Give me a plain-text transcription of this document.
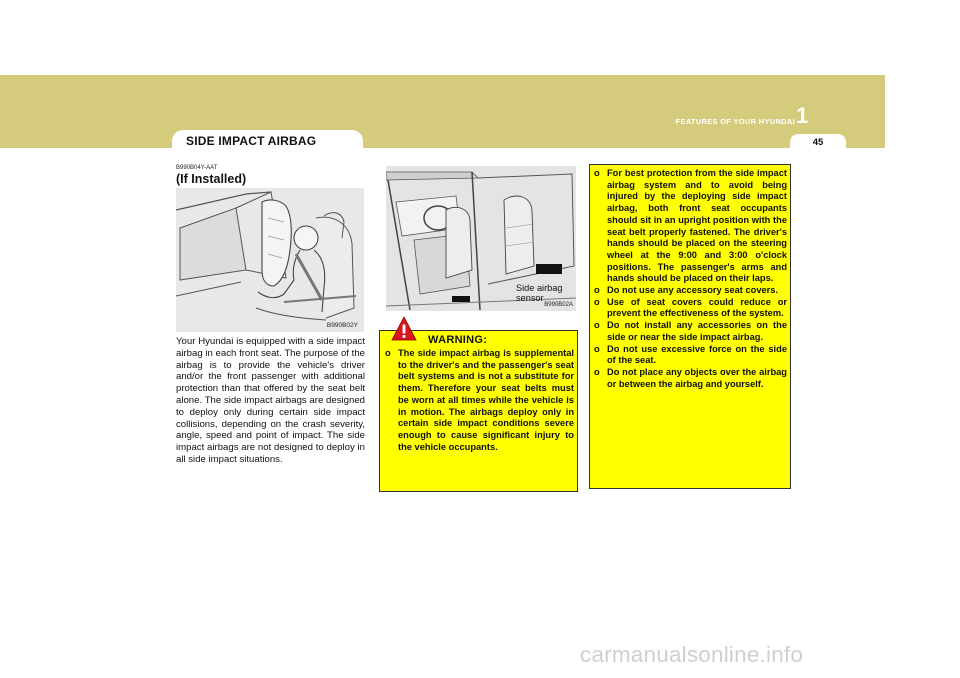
FEATURES OF YOUR HYUNDAI 1
45
SIDE IMPACT AIRBAG
B990B04Y-AAT
(If Installed)
B990B02Y
Your Hyundai is equipped with a side impact airbag in each front seat. The purpose of the airbag is to provide the vehicle's driver and/or the front passenger with additional protection than that offered by the seat belt alone. The side impact airbags are designed to deploy only during certain side impact collisions, depending on the crash severity, angle, speed and point of impact. The side impact airbags are not designed to deploy in all side impact situations.
Side airbag
sensor
B990B02A
WARNING:
o The side impact airbag is supplemental to the driver's and the passenger's seat belt systems and is not a substitute for them. Therefore your seat belts must be worn at all times while the vehicle is in motion. The airbags deploy only in certain side impact conditions severe enough to cause significant injury to the vehicle occupants.
o For best protection from the side impact airbag system and to avoid being injured by the deploying side impact airbag, both front seat occupants should sit in an upright position with the seat belt properly fastened. The driver's hands should be placed on the steering wheel at the 9:00 and 3:00 o'clock positions. The passenger's arms and hands should be placed on their laps.
o Do not use any accessory seat covers.
o Use of seat covers could reduce or prevent the effectiveness of the system.
o Do not install any accessories on the side or near the side impact airbag.
o Do not use excessive force on the side of the seat.
o Do not place any objects over the airbag or between the airbag and yourself.
carmanualsonline.info
